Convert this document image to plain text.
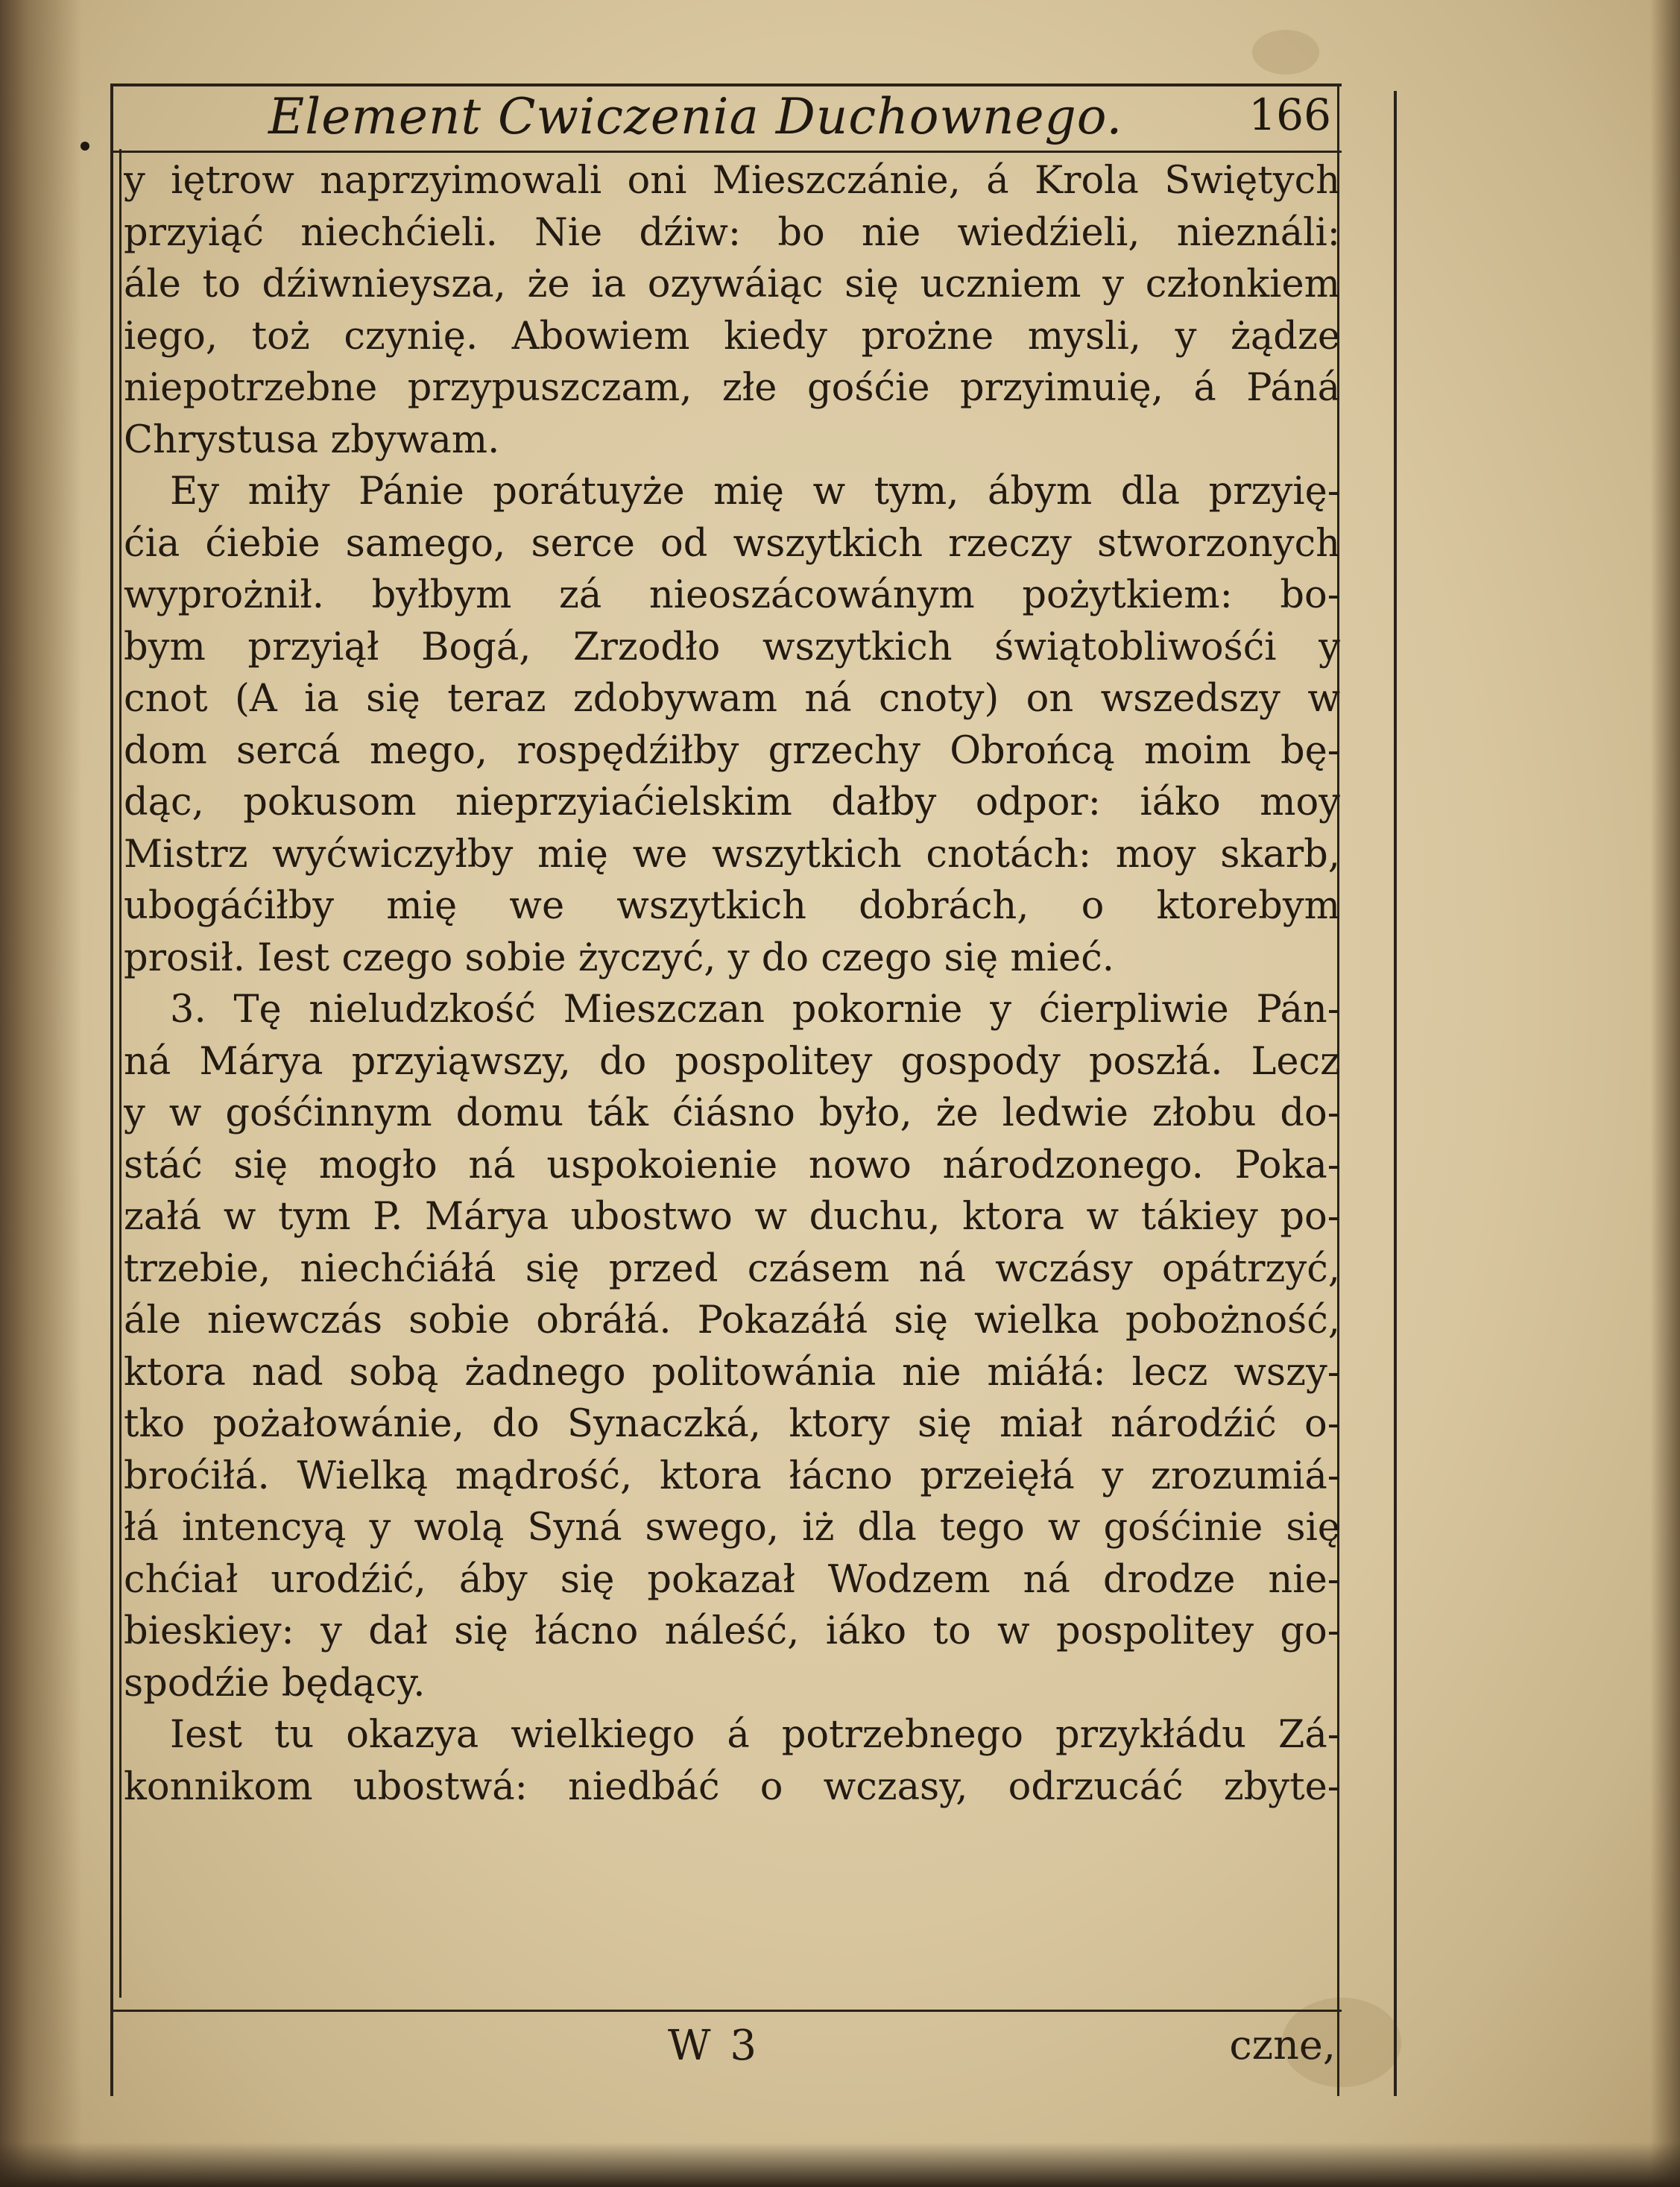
Element Cwiczenia Duchownego.	166
y iętrow naprzyimowali oni Mieszczánie, á Krola Swiętych
przyiąć niechćieli. Nie dźiw: bo nie wiedźieli, nieználi:
ále to dźiwnieysza, że ia ozywáiąc się uczniem y członkiem
iego, toż czynię. Abowiem kiedy prożne mysli, y żądze
niepotrzebne przypuszczam, złe gośćie przyimuię, á Páná
Chrystusa zbywam.
Ey miły Pánie porátuyże mię w tym, ábym dla przyię-
ćia ćiebie samego, serce od wszytkich rzeczy stworzonych
wyprożnił. byłbym zá nieoszácowánym pożytkiem: bo-
bym przyiął Bogá, Zrzodło wszytkich świątobliwośći y
cnot (A ia się teraz zdobywam ná cnoty) on wszedszy w
dom sercá mego, rospędźiłby grzechy Obrońcą moim bę-
dąc, pokusom nieprzyiaćielskim dałby odpor: iáko moy
Mistrz wyćwiczyłby mię we wszytkich cnotách: moy skarb,
ubogáćiłby mię we wszytkich dobrách, o ktorebym
prosił. Iest czego sobie życzyć, y do czego się mieć.
3. Tę nieludzkość Mieszczan pokornie y ćierpliwie Pán-
ná Márya przyiąwszy, do pospolitey gospody poszłá. Lecz
y w gośćinnym domu ták ćiásno było, że ledwie złobu do-
stáć się mogło ná uspokoienie nowo národzonego. Poka-
załá w tym P. Márya ubostwo w duchu, ktora w tákiey po-
trzebie, niechćiáłá się przed czásem ná wczásy opátrzyć,
ále niewczás sobie obráłá. Pokazáłá się wielka pobożność,
ktora nad sobą żadnego politowánia nie miáłá: lecz wszy-
tko pożałowánie, do Synaczká, ktory się miał národźić o-
broćiłá. Wielką mądrość, ktora łácno przeięłá y zrozumiá-
łá intencyą y wolą Syná swego, iż dla tego w gośćinie się
chćiał urodźić, áby się pokazał Wodzem ná drodze nie-
bieskiey: y dał się łácno náleść, iáko to w pospolitey go-
spodźie będący.
Iest tu okazya wielkiego á potrzebnego przykłádu Zá-
konnikom ubostwá: niedbáć o wczasy, odrzucáć zbyte-
W 3	czne,
